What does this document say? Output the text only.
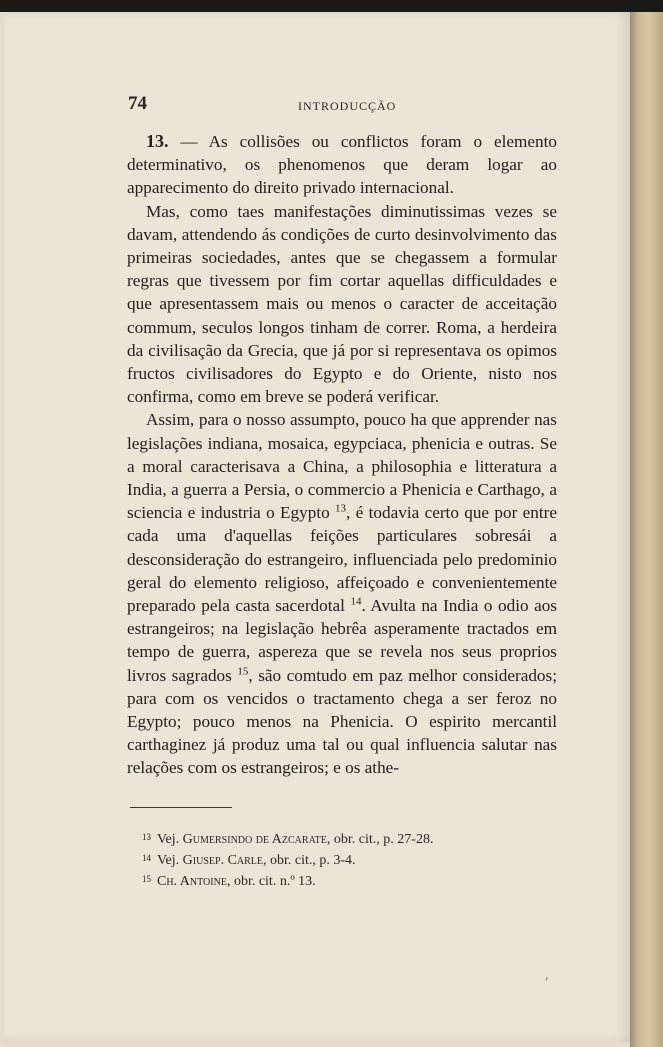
74	INTRODUCÇÃO

13. — As collisões ou conflictos foram o elemento determinativo, os phenomenos que deram logar ao apparecimento do direito privado internacional.

Mas, como taes manifestações diminutissimas vezes se davam, attendendo ás condições de curto desinvolvimento das primeiras sociedades, antes que se chegassem a formular regras que tivessem por fim cortar aquellas difficuldades e que apresentassem mais ou menos o caracter de acceitação commum, seculos longos tinham de correr. Roma, a herdeira da civilisação da Grecia, que já por si representava os opimos fructos civilisadores do Egypto e do Oriente, nisto nos confirma, como em breve se poderá verificar.

Assim, para o nosso assumpto, pouco ha que apprender nas legislações indiana, mosaica, egypciaca, phenicia e outras. Se a moral caracterisava a China, a philosophia e litteratura a India, a guerra a Persia, o commercio a Phenicia e Carthago, a sciencia e industria o Egypto $^{13}$, é todavia certo que por entre cada uma d'aquellas feições particulares sobresái a desconsideração do estrangeiro, influenciada pelo predominio geral do elemento religioso, affeiçoado e convenientemente preparado pela casta sacerdotal $^{14}$. Avulta na India o odio aos estrangeiros; na legislação hebrêa asperamente tractados em tempo de guerra, aspereza que se revela nos seus proprios livros sagrados $^{15}$, são comtudo em paz melhor considerados; para com os vencidos o tractamento chega a ser feroz no Egypto; pouco menos na Phenicia. O espirito mercantil carthaginez já produz uma tal ou qual influencia salutar nas relações com os estrangeiros; e os athe-

$^{13}$ Vej. Gumersindo de Azcarate, obr. cit., p. 27-28.
$^{14}$ Vej. Giusep. Carle, obr. cit., p. 3-4.
$^{15}$ Ch. Antoine, obr. cit. n.º 13.
,
